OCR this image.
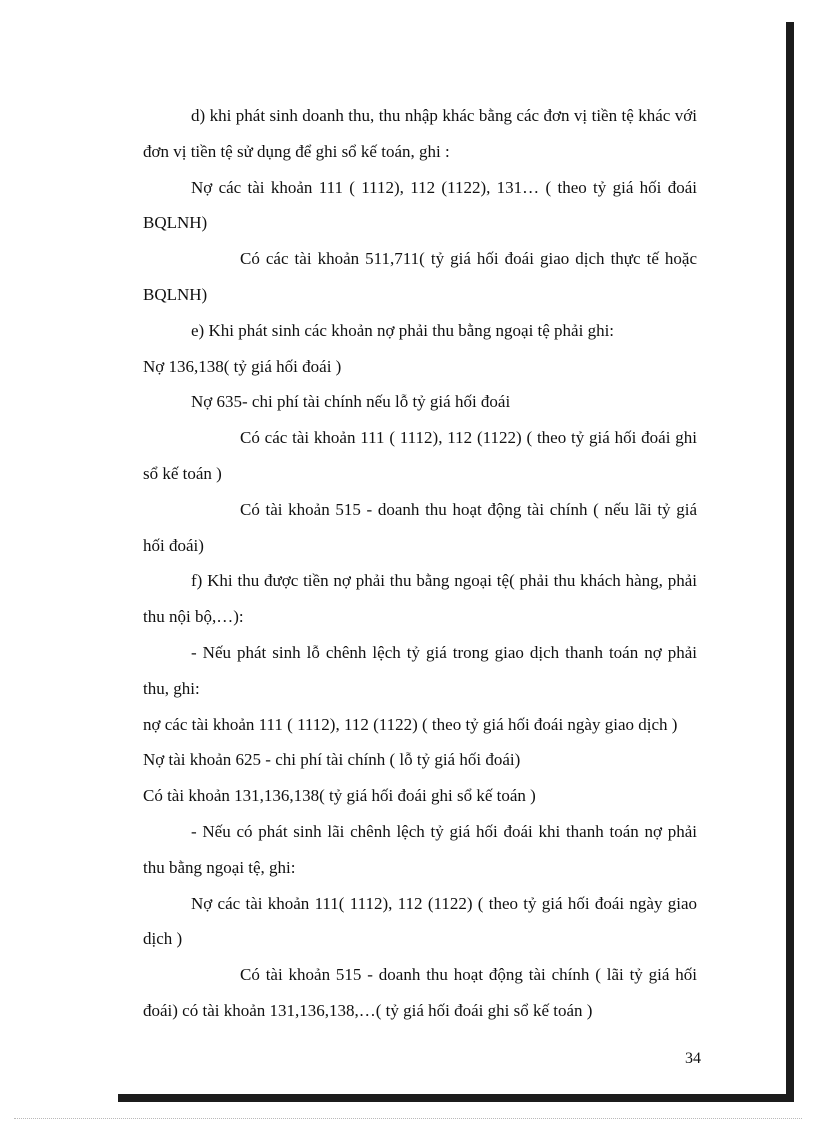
d) khi phát sinh doanh thu, thu nhập khác bằng các đơn vị tiền tệ khác với đơn vị tiền tệ sử dụng để ghi sổ kế toán, ghi :

Nợ các tài khoản 111 ( 1112), 112 (1122), 131… ( theo tỷ giá hối đoái BQLNH)

Có các tài khoản 511,711( tỷ giá hối đoái giao dịch thực tế hoặc BQLNH)

e) Khi phát sinh các khoản nợ phải thu bằng ngoại tệ phải ghi:

Nợ 136,138( tỷ giá hối đoái )

Nợ 635- chi phí tài chính nếu lỗ tỷ giá hối đoái

Có các tài khoản 111 ( 1112), 112 (1122) ( theo tỷ giá hối đoái ghi sổ kế toán )

Có tài khoản 515 - doanh thu hoạt động tài chính ( nếu lãi tỷ giá hối đoái)

f) Khi thu được tiền nợ phải thu bằng ngoại tệ( phải thu khách hàng, phải thu nội bộ,…):

- Nếu phát sinh lỗ chênh lệch tỷ giá trong giao dịch thanh toán nợ phải thu, ghi:

nợ các tài khoản 111 ( 1112), 112 (1122) ( theo tỷ giá hối đoái ngày giao dịch )

Nợ tài khoản 625 - chi phí tài chính ( lỗ tỷ giá hối đoái)

Có tài khoản 131,136,138( tỷ giá hối đoái ghi sổ kế toán )

- Nếu có phát sinh lãi chênh lệch tỷ giá hối đoái khi thanh toán nợ phải thu bằng ngoại tệ, ghi:

Nợ các tài khoản 111( 1112), 112 (1122) ( theo tỷ giá hối đoái ngày giao dịch )

Có tài khoản 515 - doanh thu hoạt động tài chính ( lãi tỷ giá hối đoái) có tài khoản 131,136,138,…( tỷ giá hối đoái ghi sổ kế toán )

34
